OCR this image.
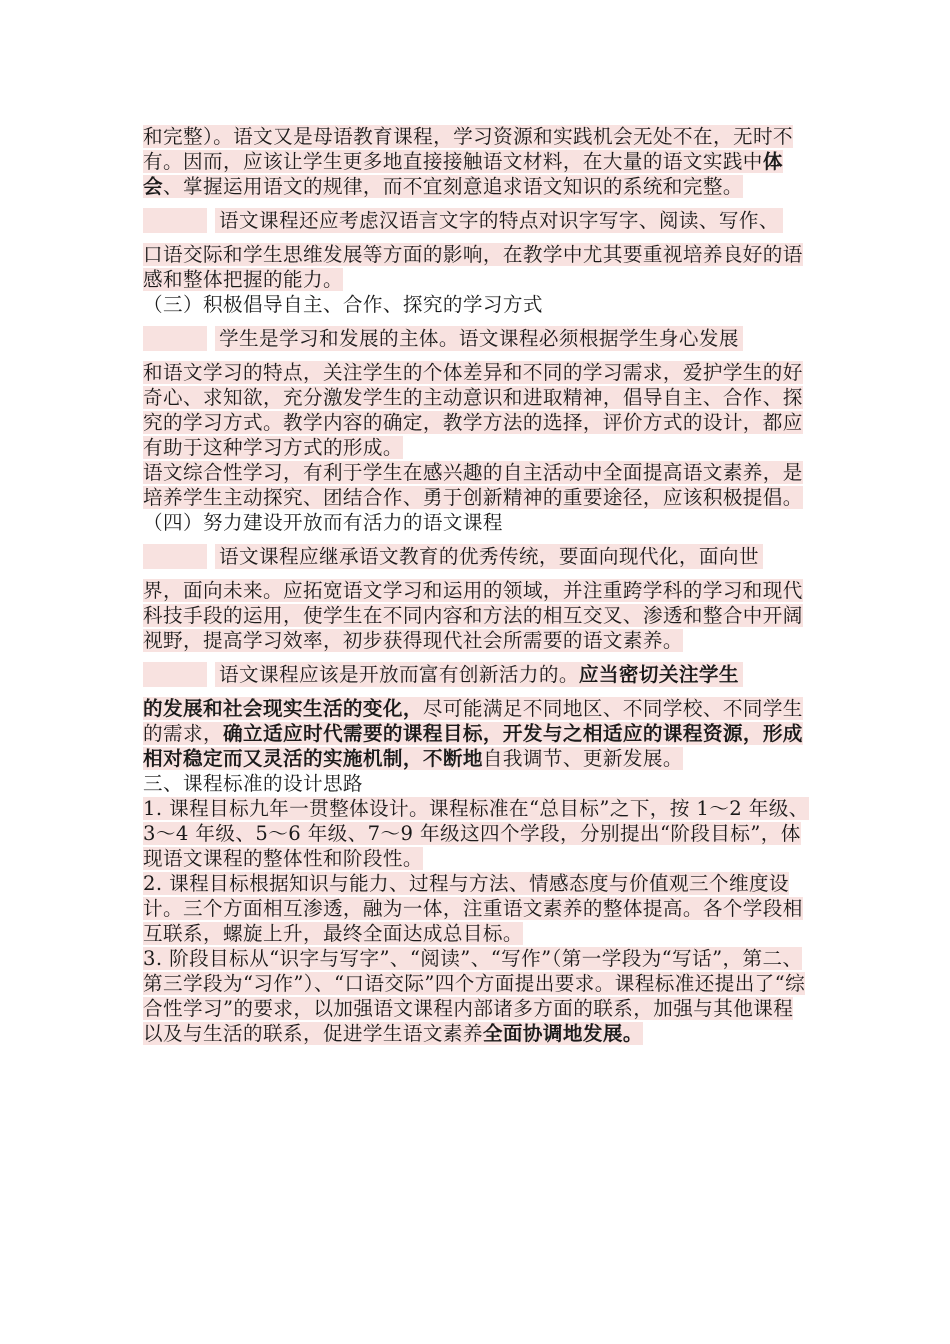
和完整）。语文又是母语教育课程，学习资源和实践机会无处不在，无时不有。因而，应该让学生更多地直接接触语文材料，在大量的语文实践中体会、掌握运用语文的规律，而不宜刻意追求语文知识的系统和完整。

语文课程还应考虑汉语言文字的特点对识字写字、阅读、写作、

口语交际和学生思维发展等方面的影响，在教学中尤其要重视培养良好的语感和整体把握的能力。

（三）积极倡导自主、合作、探究的学习方式

学生是学习和发展的主体。语文课程必须根据学生身心发展

和语文学习的特点，关注学生的个体差异和不同的学习需求，爱护学生的好奇心、求知欲，充分激发学生的主动意识和进取精神，倡导自主、合作、探究的学习方式。教学内容的确定，教学方法的选择，评价方式的设计，都应有助于这种学习方式的形成。

语文综合性学习，有利于学生在感兴趣的自主活动中全面提高语文素养，是培养学生主动探究、团结合作、勇于创新精神的重要途径，应该积极提倡。

（四）努力建设开放而有活力的语文课程

语文课程应继承语文教育的优秀传统，要面向现代化，面向世

界，面向未来。应拓宽语文学习和运用的领域，并注重跨学科的学习和现代科技手段的运用，使学生在不同内容和方法的相互交叉、渗透和整合中开阔视野，提高学习效率，初步获得现代社会所需要的语文素养。

语文课程应该是开放而富有创新活力的。应当密切关注学生

的发展和社会现实生活的变化，尽可能满足不同地区、不同学校、不同学生的需求，确立适应时代需要的课程目标，开发与之相适应的课程资源，形成相对稳定而又灵活的实施机制，不断地自我调节、更新发展。

三、课程标准的设计思路

1. 课程目标九年一贯整体设计。课程标准在“总目标”之下，按 1～2 年级、3～4 年级、5～6 年级、7～9 年级这四个学段，分别提出“阶段目标”，体现语文课程的整体性和阶段性。

2. 课程目标根据知识与能力、过程与方法、情感态度与价值观三个维度设计。三个方面相互渗透，融为一体，注重语文素养的整体提高。各个学段相互联系，螺旋上升，最终全面达成总目标。

3. 阶段目标从“识字与写字”、“阅读”、“写作”（第一学段为“写话”，第二、第三学段为“习作”）、“口语交际”四个方面提出要求。课程标准还提出了“综合性学习”的要求，以加强语文课程内部诸多方面的联系，加强与其他课程以及与生活的联系，促进学生语文素养全面协调地发展。
